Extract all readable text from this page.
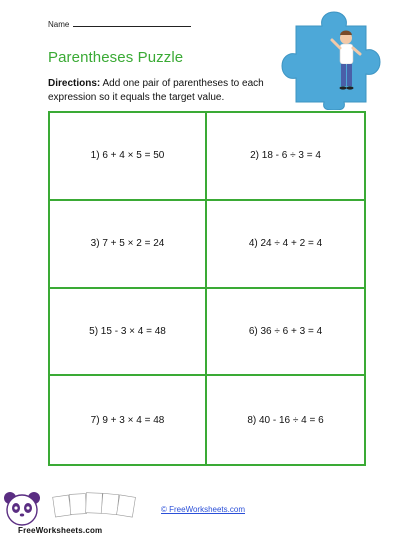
Name
Parentheses Puzzle
Directions: Add one pair of parentheses to each expression so it equals the target value.
1) 6 + 4 × 5 = 50	2) 18 - 6 ÷ 3 = 4
3) 7 + 5 × 2 = 24	4) 24 ÷ 4 + 2 = 4
5) 15 - 3 × 4 = 48	6) 36 ÷ 6 + 3 = 4
7) 9 + 3 × 4 = 48	8) 40 - 16 ÷ 4 = 6
FreeWorksheets.com
© FreeWorksheets.com
